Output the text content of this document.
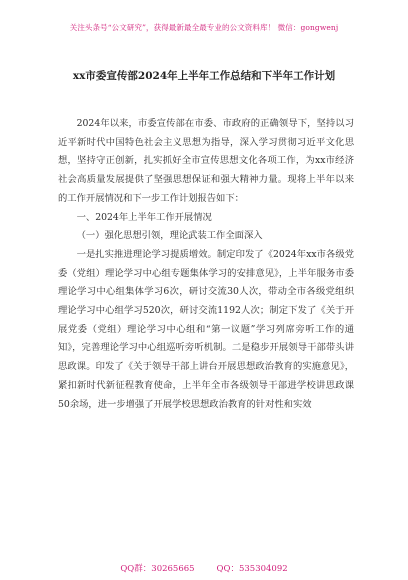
关注头条号“公文研究”，获得最新最全最专业的公文资料库！ 微信：gongwenj
xx市委宣传部2024年上半年工作总结和下半年工作计划

2024年以来，市委宣传部在市委、市政府的正确领导下，坚持以习近平新时代中国特色社会主义思想为指导，深入学习贯彻习近平文化思想，坚持守正创新，扎实抓好全市宣传思想文化各项工作，为xx市经济社会高质量发展提供了坚强思想保证和强大精神力量。现将上半年以来的工作开展情况和下一步工作计划报告如下：

一、2024年上半年工作开展情况

（一）强化思想引领，理论武装工作全面深入

一是扎实推进理论学习提质增效。制定印发了《2024年xx市各级党委（党组）理论学习中心组专题集体学习的安排意见》，上半年服务市委理论学习中心组集体学习6次，研讨交流30人次，带动全市各级党组织理论学习中心组学习520次，研讨交流1192人次；制定下发了《关于开展党委（党组）理论学习中心组和“第一议题”学习列席旁听工作的通知》，完善理论学习中心组巡听旁听机制。二是稳步开展领导干部带头讲思政课。印发了《关于领导干部上讲台开展思想政治教育的实施意见》，紧扣新时代新征程教育使命，上半年全市各级领导干部进学校讲思政课50余场，进一步增强了开展学校思想政治教育的针对性和实效

QQ群：30265665	QQ：535304092
